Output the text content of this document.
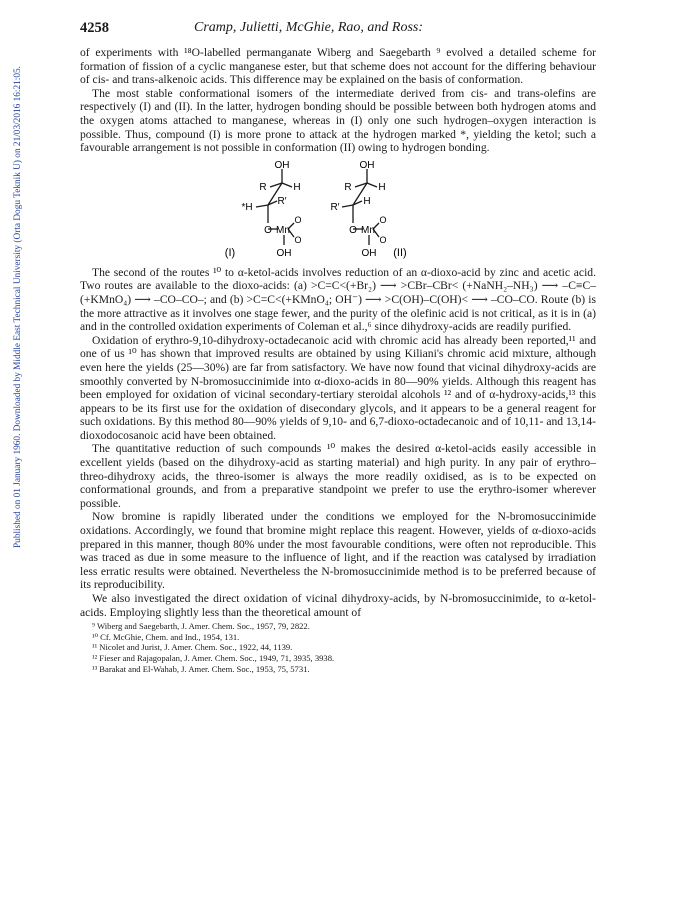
Published on 01 January 1960. Downloaded by Middle East Technical University (Orta Dogu Teknik U) on 21/03/2016 16:21:05.
4258	Cramp, Julietti, McGhie, Rao, and Ross:

of experiments with ¹⁸O-labelled permanganate Wiberg and Saegebarth ⁹ evolved a detailed scheme for formation of fission of a cyclic manganese ester, but that scheme does not account for the differing behaviour of cis- and trans-alkenoic acids. This difference may be explained on the basis of conformation.

The most stable conformational isomers of the intermediate derived from cis- and trans-olefins are respectively (I) and (II). In the latter, hydrogen bonding should be possible between both hydrogen atoms and the oxygen atoms attached to manganese, whereas in (I) only one such hydrogen–oxygen interaction is possible. Thus, compound (I) is more prone to attack at the hydrogen marked *, yielding the ketol; such a favourable arrangement is not possible in conformation (II) owing to hydrogen bonding.

OH
R	H
*H
R′
O Mn
O
O
OH
(I)
OH
R	H
R′
H
O Mn
O
O
OH (II)

The second of the routes ¹⁰ to α-ketol-acids involves reduction of an α-dioxo-acid by zinc and acetic acid. Two routes are available to the dioxo-acids: (a) >C=C<(+Br₂) ⟶ >CBr–CBr< (+NaNH₂–NH₃) ⟶ –C≡C– (+KMnO₄) ⟶ –CO–CO–; and (b) >C=C<(+KMnO₄; OH⁻) ⟶ >C(OH)–C(OH)< ⟶ –CO–CO. Route (b) is the more attractive as it involves one stage fewer, and the purity of the olefinic acid is not critical, as it is in (a) and in the controlled oxidation experiments of Coleman et al.,⁶ since dihydroxy-acids are readily purified.

Oxidation of erythro-9,10-dihydroxy-octadecanoic acid with chromic acid has already been reported,¹¹ and one of us ¹⁰ has shown that improved results are obtained by using Kiliani's chromic acid mixture, although even here the yields (25—30%) are far from satisfactory. We have now found that vicinal dihydroxy-acids are smoothly converted by N-bromosuccinimide into α-dioxo-acids in 80—90% yields. Although this reagent has been employed for oxidation of vicinal secondary-tertiary steroidal alcohols ¹² and of α-hydroxy-acids,¹³ this appears to be its first use for the oxidation of disecondary glycols, and it appears to be a general reagent for such oxidations. By this method 80—90% yields of 9,10- and 6,7-dioxo-octadecanoic and of 10,11- and 13,14-dioxodocosanoic acid have been obtained.

The quantitative reduction of such compounds ¹⁰ makes the desired α-ketol-acids easily accessible in excellent yields (based on the dihydroxy-acid as starting material) and high purity. In any pair of erythro–threo-dihydroxy acids, the threo-isomer is always the more readily oxidised, as is to be expected on conformational grounds, and from a preparative standpoint we prefer to use the erythro-isomer wherever possible.

Now bromine is rapidly liberated under the conditions we employed for the N-bromosuccinimide oxidations. Accordingly, we found that bromine might replace this reagent. However, yields of α-dioxo-acids prepared in this manner, though 80% under the most favourable conditions, were often not reproducible. This was traced as due in some measure to the influence of light, and if the reaction was catalysed by irradiation less erratic results were obtained. Nevertheless the N-bromosuccinimide method is to be preferred because of its reproducibility.

We also investigated the direct oxidation of vicinal dihydroxy-acids, by N-bromosuccinimide, to α-ketol-acids. Employing slightly less than the theoretical amount of

⁹ Wiberg and Saegebarth, J. Amer. Chem. Soc., 1957, 79, 2822.
¹⁰ Cf. McGhie, Chem. and Ind., 1954, 131.
¹¹ Nicolet and Jurist, J. Amer. Chem. Soc., 1922, 44, 1139.
¹² Fieser and Rajagopalan, J. Amer. Chem. Soc., 1949, 71, 3935, 3938.
¹³ Barakat and El-Wahab, J. Amer. Chem. Soc., 1953, 75, 5731.
